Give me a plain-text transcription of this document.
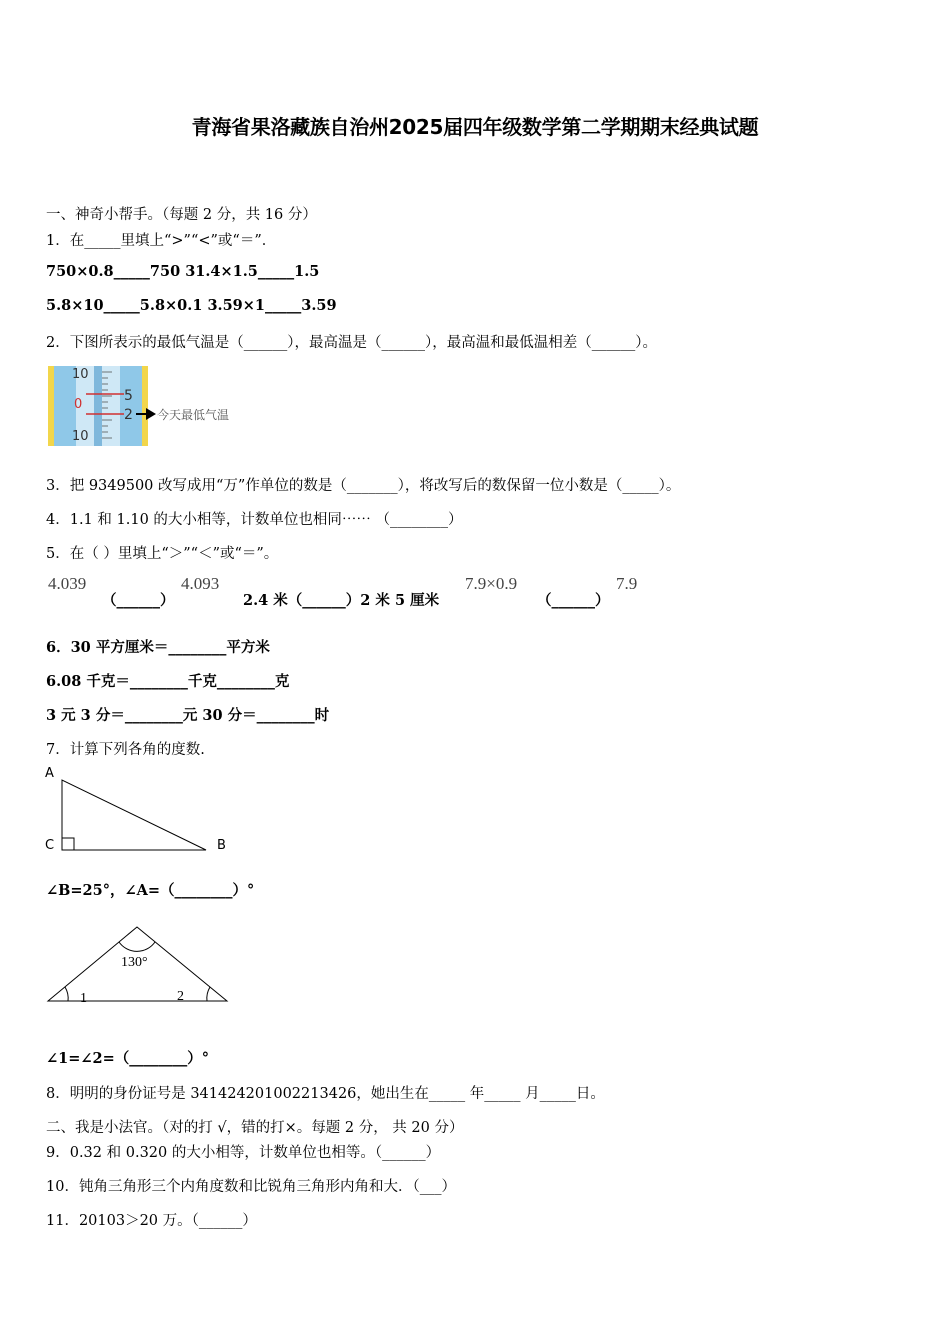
青海省果洛藏族自治州2025届四年级数学第二学期期末经典试题
一、神奇小帮手。（每题 2 分，共 16 分）
1．在_____里填上“>”“<”或“＝”．
750×0.8_____750 31.4×1.5_____1.5
5.8×10_____5.8×0.1 3.59×1_____3.59
2．下图所表示的最低气温是（______），最高温是（______），最高温和最低温相差（______）。
10
0
10
5
2 今天最低气温
3．把 9349500 改写成用“万”作单位的数是（_______），将改写后的数保留一位小数是（_____）。
4．1.1 和 1.10 的大小相等，计数单位也相同⋯⋯ （________）
5．在（ ）里填上“＞”“＜”或“＝”。
4.039
（______）
4.093
2.4 米（______）2 米 5 厘米
7.9×0.9
（______）
7.9
6．30 平方厘米＝________平方米
6.08 千克＝________千克________克
3 元 3 分＝________元 30 分＝________时
7．计算下列各角的度数.
A
C	B
∠B=25°，∠A=（________）°
130°
1	2
∠1=∠2=（________）°
8．明明的身份证号是 341424201002213426，她出生在_____ 年_____ 月_____日。
二、我是小法官。（对的打 √，错的打×。每题 2 分， 共 20 分）
9．0.32 和 0.320 的大小相等，计数单位也相等。（______）
10．钝角三角形三个内角度数和比锐角三角形内角和大．（___）
11．20103＞20 万。（______）
